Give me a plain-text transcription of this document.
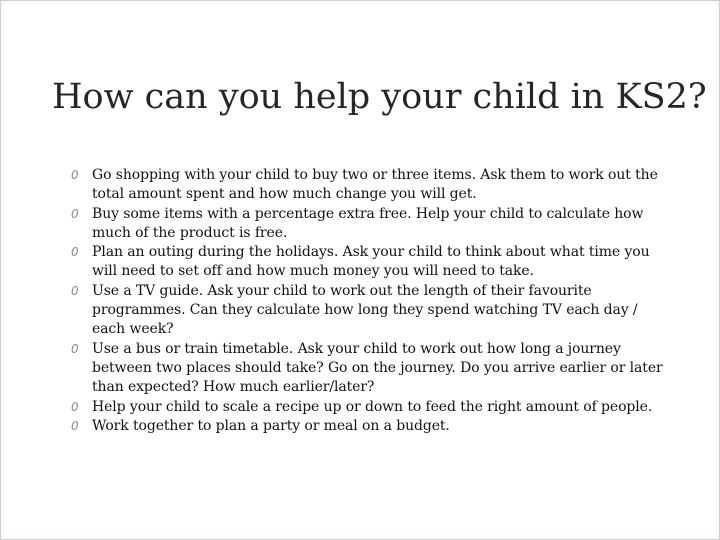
How can you help your child in KS2?
0 Go shopping with your child to buy two or three items. Ask them to work out the total amount spent and how much change you will get.
0 Buy some items with a percentage extra free. Help your child to calculate how much of the product is free.
0 Plan an outing during the holidays. Ask your child to think about what time you will need to set off and how much money you will need to take.
0 Use a TV guide. Ask your child to work out the length of their favourite programmes. Can they calculate how long they spend watching TV each day / each week?
0 Use a bus or train timetable. Ask your child to work out how long a journey between two places should take? Go on the journey. Do you arrive earlier or later than expected? How much earlier/later?
0 Help your child to scale a recipe up or down to feed the right amount of people.
0 Work together to plan a party or meal on a budget.
